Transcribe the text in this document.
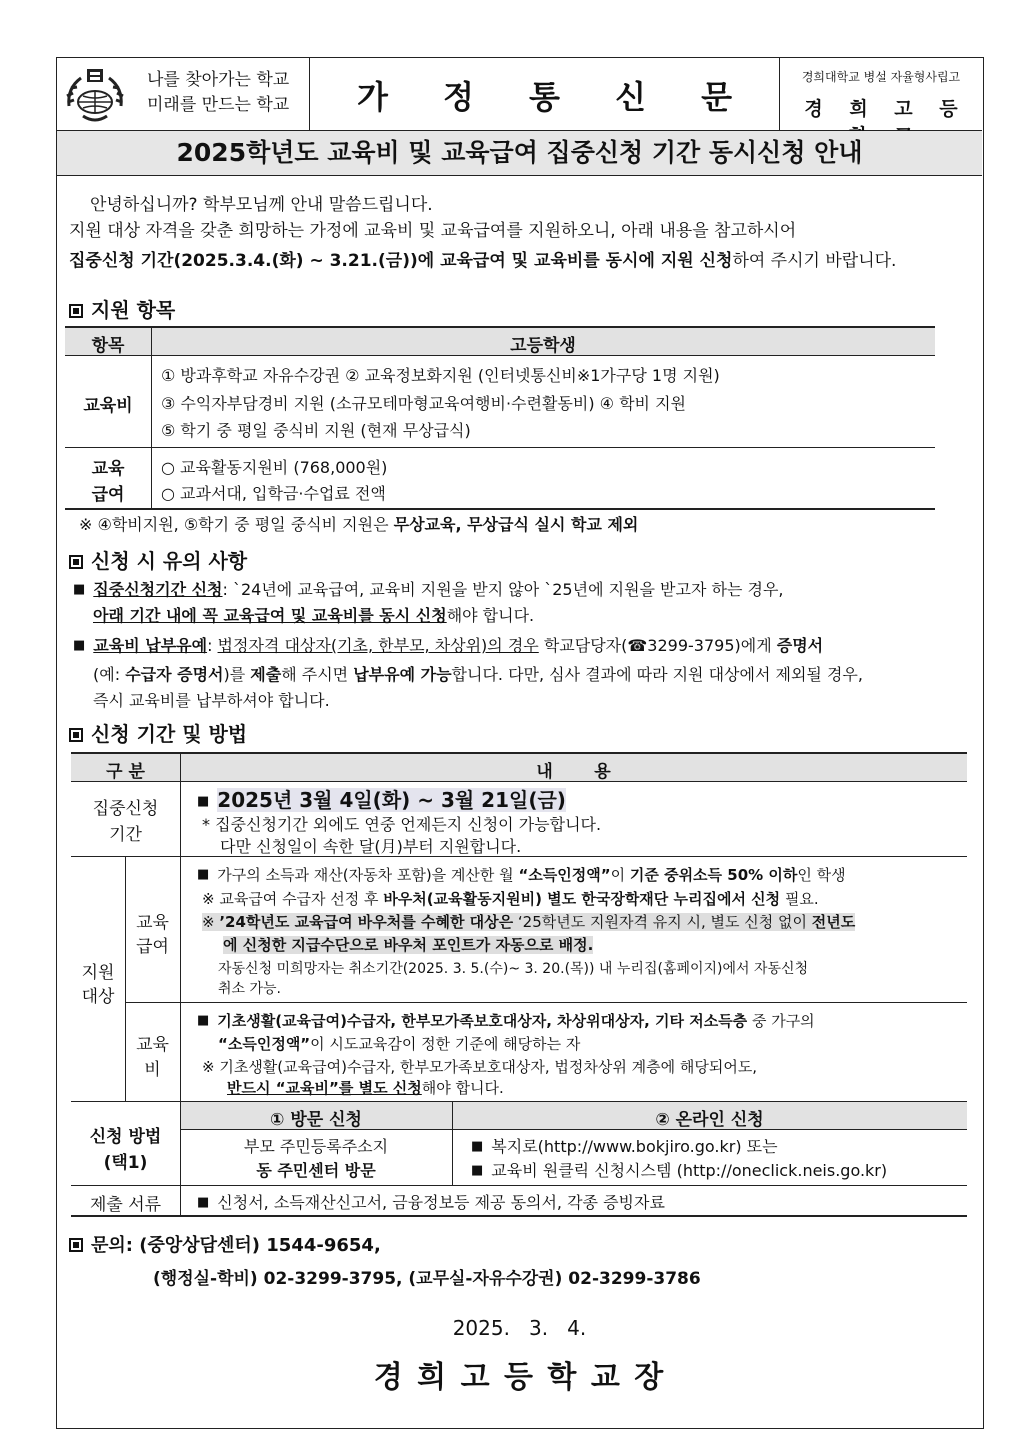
나를 찾아가는 학교
미래를 만드는 학교	가 정 통 신 문
경희대학교 병설 자율형사립고
경 희 고 등
2025학년도 교육비 및 교육급여 집중신청 기간 동시신청 안내
안녕하십니까? 학부모님께 안내 말씀드립니다.
지원 대상 자격을 갖춘 희망하는 가정에 교육비 및 교육급여를 지원하오니, 아래 내용을 참고하시어
집중신청 기간(2025.3.4.(화) ~ 3.21.(금))에 교육급여 및 교육비를 동시에 지원 신청하여 주시기 바랍니다.
지원 항목
항목	고등학생
교육비
① 방과후학교 자유수강권 ② 교육정보화지원 (인터넷통신비※1가구당 1명 지원)
③ 수익자부담경비 지원 (소규모테마형교육여행비·수련활동비) ④ 학비 지원
⑤ 학기 중 평일 중식비 지원 (현재 무상급식)
교육
급여
○ 교육활동지원비 (768,000원)
○ 교과서대, 입학금·수업료 전액
※ ④학비지원, ⑤학기 중 평일 중식비 지원은 무상교육, 무상급식 실시 학교 제외
신청 시 유의 사항
■ 집중신청기간 신청: `24년에 교육급여, 교육비 지원을 받지 않아 `25년에 지원을 받고자 하는 경우,
아래 기간 내에 꼭 교육급여 및 교육비를 동시 신청해야 합니다.
■ 교육비 납부유예: 법정자격 대상자(기초, 한부모, 차상위)의 경우 학교담당자(☎3299-3795)에게 증명서
(예: 수급자 증명서)를 제출해 주시면 납부유예 가능합니다. 다만, 심사 결과에 따라 지원 대상에서 제외될 경우,
즉시 교육비를 납부하셔야 합니다.
신청 기간 및 방법
구 분	내       용
집중신청
기간
■ 2025년 3월 4일(화) ~ 3월 21일(금)
* 집중신청기간 외에도 연중 언제든지 신청이 가능합니다.
다만 신청일이 속한 달(月)부터 지원합니다.
지원
대상
교육
급여
■ 가구의 소득과 재산(자동차 포함)을 계산한 월 “소득인정액”이 기준 중위소득 50% 이하인 학생
※ 교육급여 수급자 선정 후 바우처(교육활동지원비) 별도 한국장학재단 누리집에서 신청 필요.
※ ’24학년도 교육급여 바우처를 수혜한 대상은 ‘25학년도 지원자격 유지 시, 별도 신청 없이 전년도
에 신청한 지급수단으로 바우처 포인트가 자동으로 배정.
자동신청 미희망자는 취소기간(2025. 3. 5.(수)~ 3. 20.(목)) 내 누리집(홈페이지)에서 자동신청
취소 가능.
교육
비
■ 기초생활(교육급여)수급자, 한부모가족보호대상자, 차상위대상자, 기타 저소득층 중 가구의
“소득인정액”이 시도교육감이 정한 기준에 해당하는 자
※ 기초생활(교육급여)수급자, 한부모가족보호대상자, 법정차상위 계층에 해당되어도,
반드시 “교육비”를 별도 신청해야 합니다.
신청 방법
(택1)
① 방문 신청	② 온라인 신청
부모 주민등록주소지
동 주민센터 방문
■ 복지로(http://www.bokjiro.go.kr) 또는
■ 교육비 원클릭 신청시스템 (http://oneclick.neis.go.kr)
제출 서류
■	신청서, 소득재산신고서, 금융정보등 제공 동의서, 각종 증빙자료
문의: (중앙상담센터) 1544-9654,
(행정실-학비) 02-3299-3795, (교무실-자유수강권) 02-3299-3786
2025.   3.   4.
경 희 고 등 학 교 장
